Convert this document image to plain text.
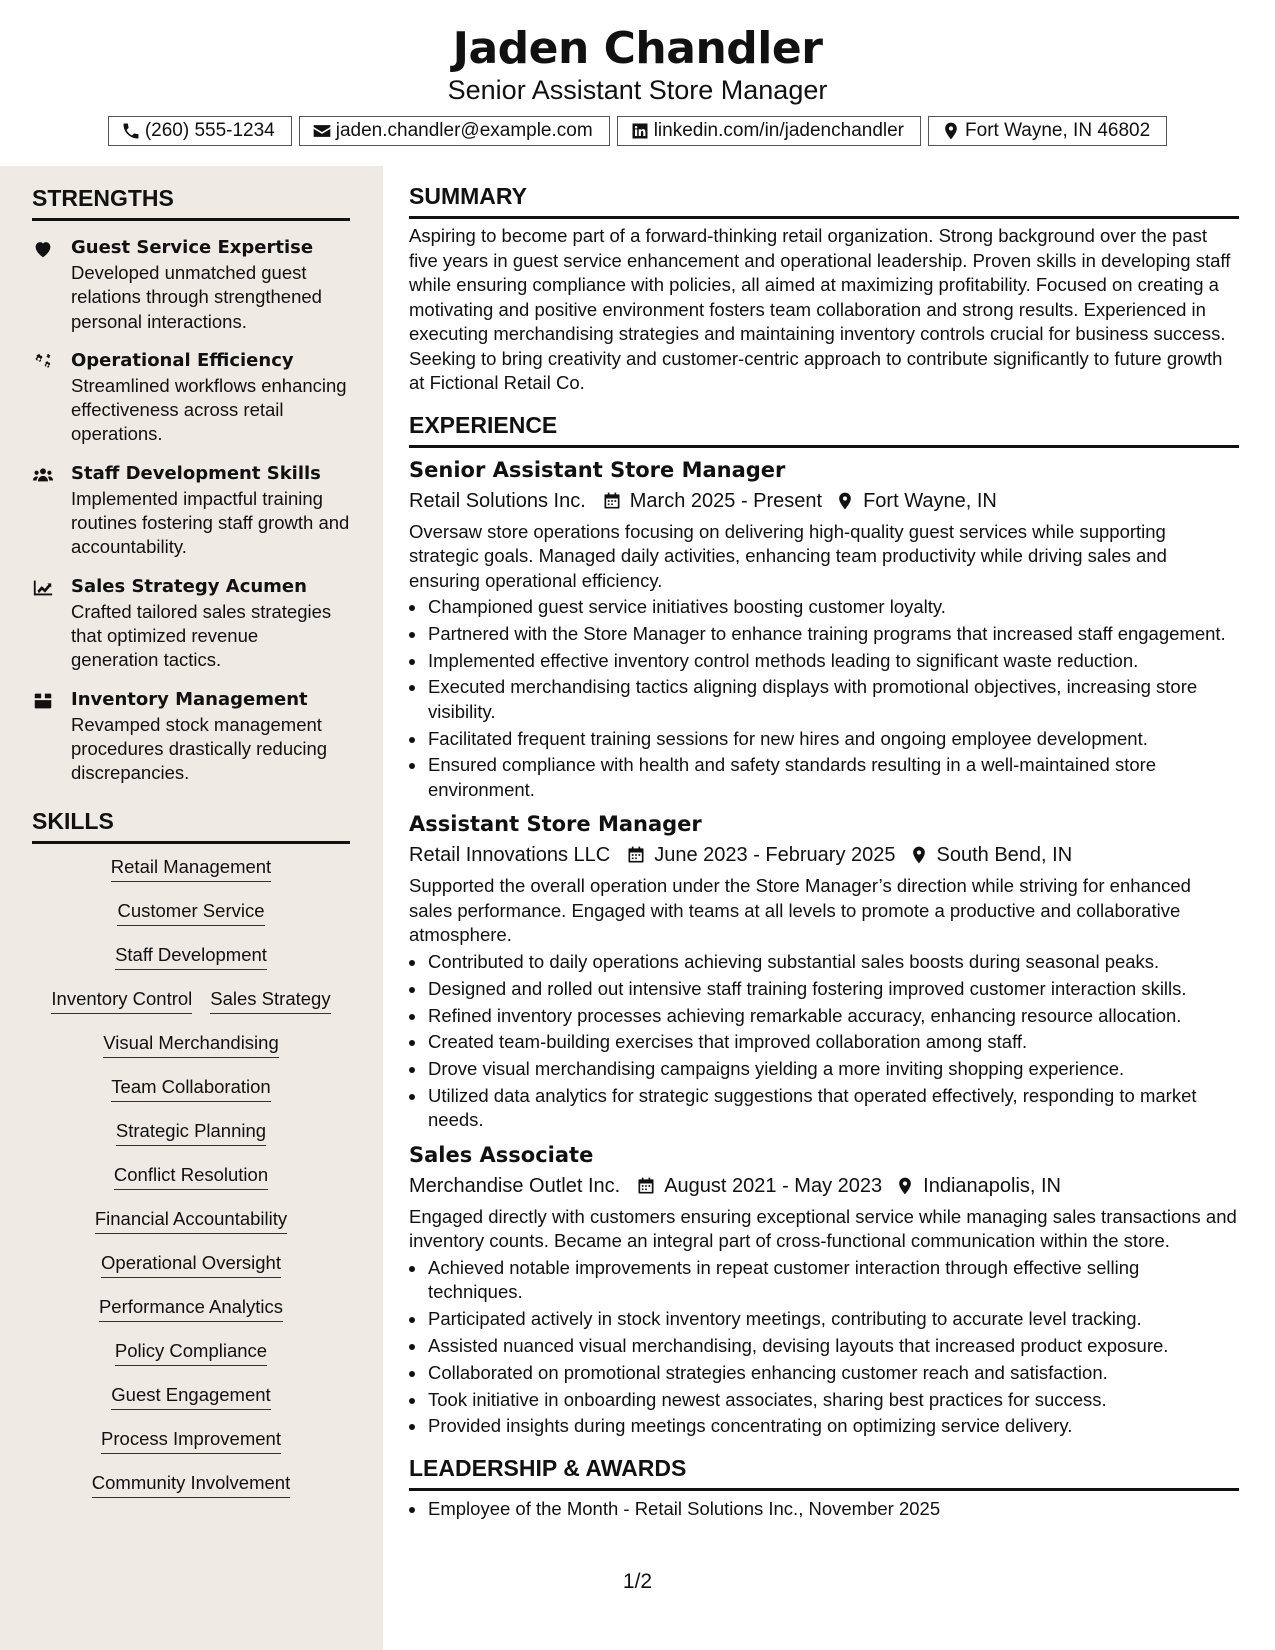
Jaden Chandler
Senior Assistant Store Manager
(260) 555-1234	jaden.chandler@example.com	linkedin.com/in/jadenchandler	Fort Wayne, IN 46802
STRENGTHS
Guest Service Expertise
Developed unmatched guest relations through strengthened personal interactions.
Operational Efficiency
Streamlined workflows enhancing effectiveness across retail operations.
Staff Development Skills
Implemented impactful training routines fostering staff growth and accountability.
Sales Strategy Acumen
Crafted tailored sales strategies that optimized revenue generation tactics.
Inventory Management
Revamped stock management procedures drastically reducing discrepancies.
SKILLS
Retail Management
Customer Service
Staff Development
Inventory Control Sales Strategy
Visual Merchandising
Team Collaboration
Strategic Planning
Conflict Resolution
Financial Accountability
Operational Oversight
Performance Analytics
Policy Compliance
Guest Engagement
Process Improvement
Community Involvement
SUMMARY
Aspiring to become part of a forward-thinking retail organization. Strong background over the past five years in guest service enhancement and operational leadership. Proven skills in developing staff while ensuring compliance with policies, all aimed at maximizing profitability. Focused on creating a motivating and positive environment fosters team collaboration and strong results. Experienced in executing merchandising strategies and maintaining inventory controls crucial for business success. Seeking to bring creativity and customer-centric approach to contribute significantly to future growth at Fictional Retail Co.
EXPERIENCE
Senior Assistant Store Manager
Retail Solutions Inc. March 2025 - Present Fort Wayne, IN
Oversaw store operations focusing on delivering high-quality guest services while supporting strategic goals. Managed daily activities, enhancing team productivity while driving sales and ensuring operational efficiency.
• Championed guest service initiatives boosting customer loyalty.
• Partnered with the Store Manager to enhance training programs that increased staff engagement.
• Implemented effective inventory control methods leading to significant waste reduction.
• Executed merchandising tactics aligning displays with promotional objectives, increasing store visibility.
• Facilitated frequent training sessions for new hires and ongoing employee development.
• Ensured compliance with health and safety standards resulting in a well-maintained store environment.
Assistant Store Manager
Retail Innovations LLC June 2023 - February 2025 South Bend, IN
Supported the overall operation under the Store Manager’s direction while striving for enhanced sales performance. Engaged with teams at all levels to promote a productive and collaborative atmosphere.
• Contributed to daily operations achieving substantial sales boosts during seasonal peaks.
• Designed and rolled out intensive staff training fostering improved customer interaction skills.
• Refined inventory processes achieving remarkable accuracy, enhancing resource allocation.
• Created team-building exercises that improved collaboration among staff.
• Drove visual merchandising campaigns yielding a more inviting shopping experience.
• Utilized data analytics for strategic suggestions that operated effectively, responding to market needs.
Sales Associate
Merchandise Outlet Inc. August 2021 - May 2023 Indianapolis, IN
Engaged directly with customers ensuring exceptional service while managing sales transactions and inventory counts. Became an integral part of cross-functional communication within the store.
• Achieved notable improvements in repeat customer interaction through effective selling techniques.
• Participated actively in stock inventory meetings, contributing to accurate level tracking.
• Assisted nuanced visual merchandising, devising layouts that increased product exposure.
• Collaborated on promotional strategies enhancing customer reach and satisfaction.
• Took initiative in onboarding newest associates, sharing best practices for success.
• Provided insights during meetings concentrating on optimizing service delivery.
LEADERSHIP & AWARDS
• Employee of the Month - Retail Solutions Inc., November 2025
1/2
